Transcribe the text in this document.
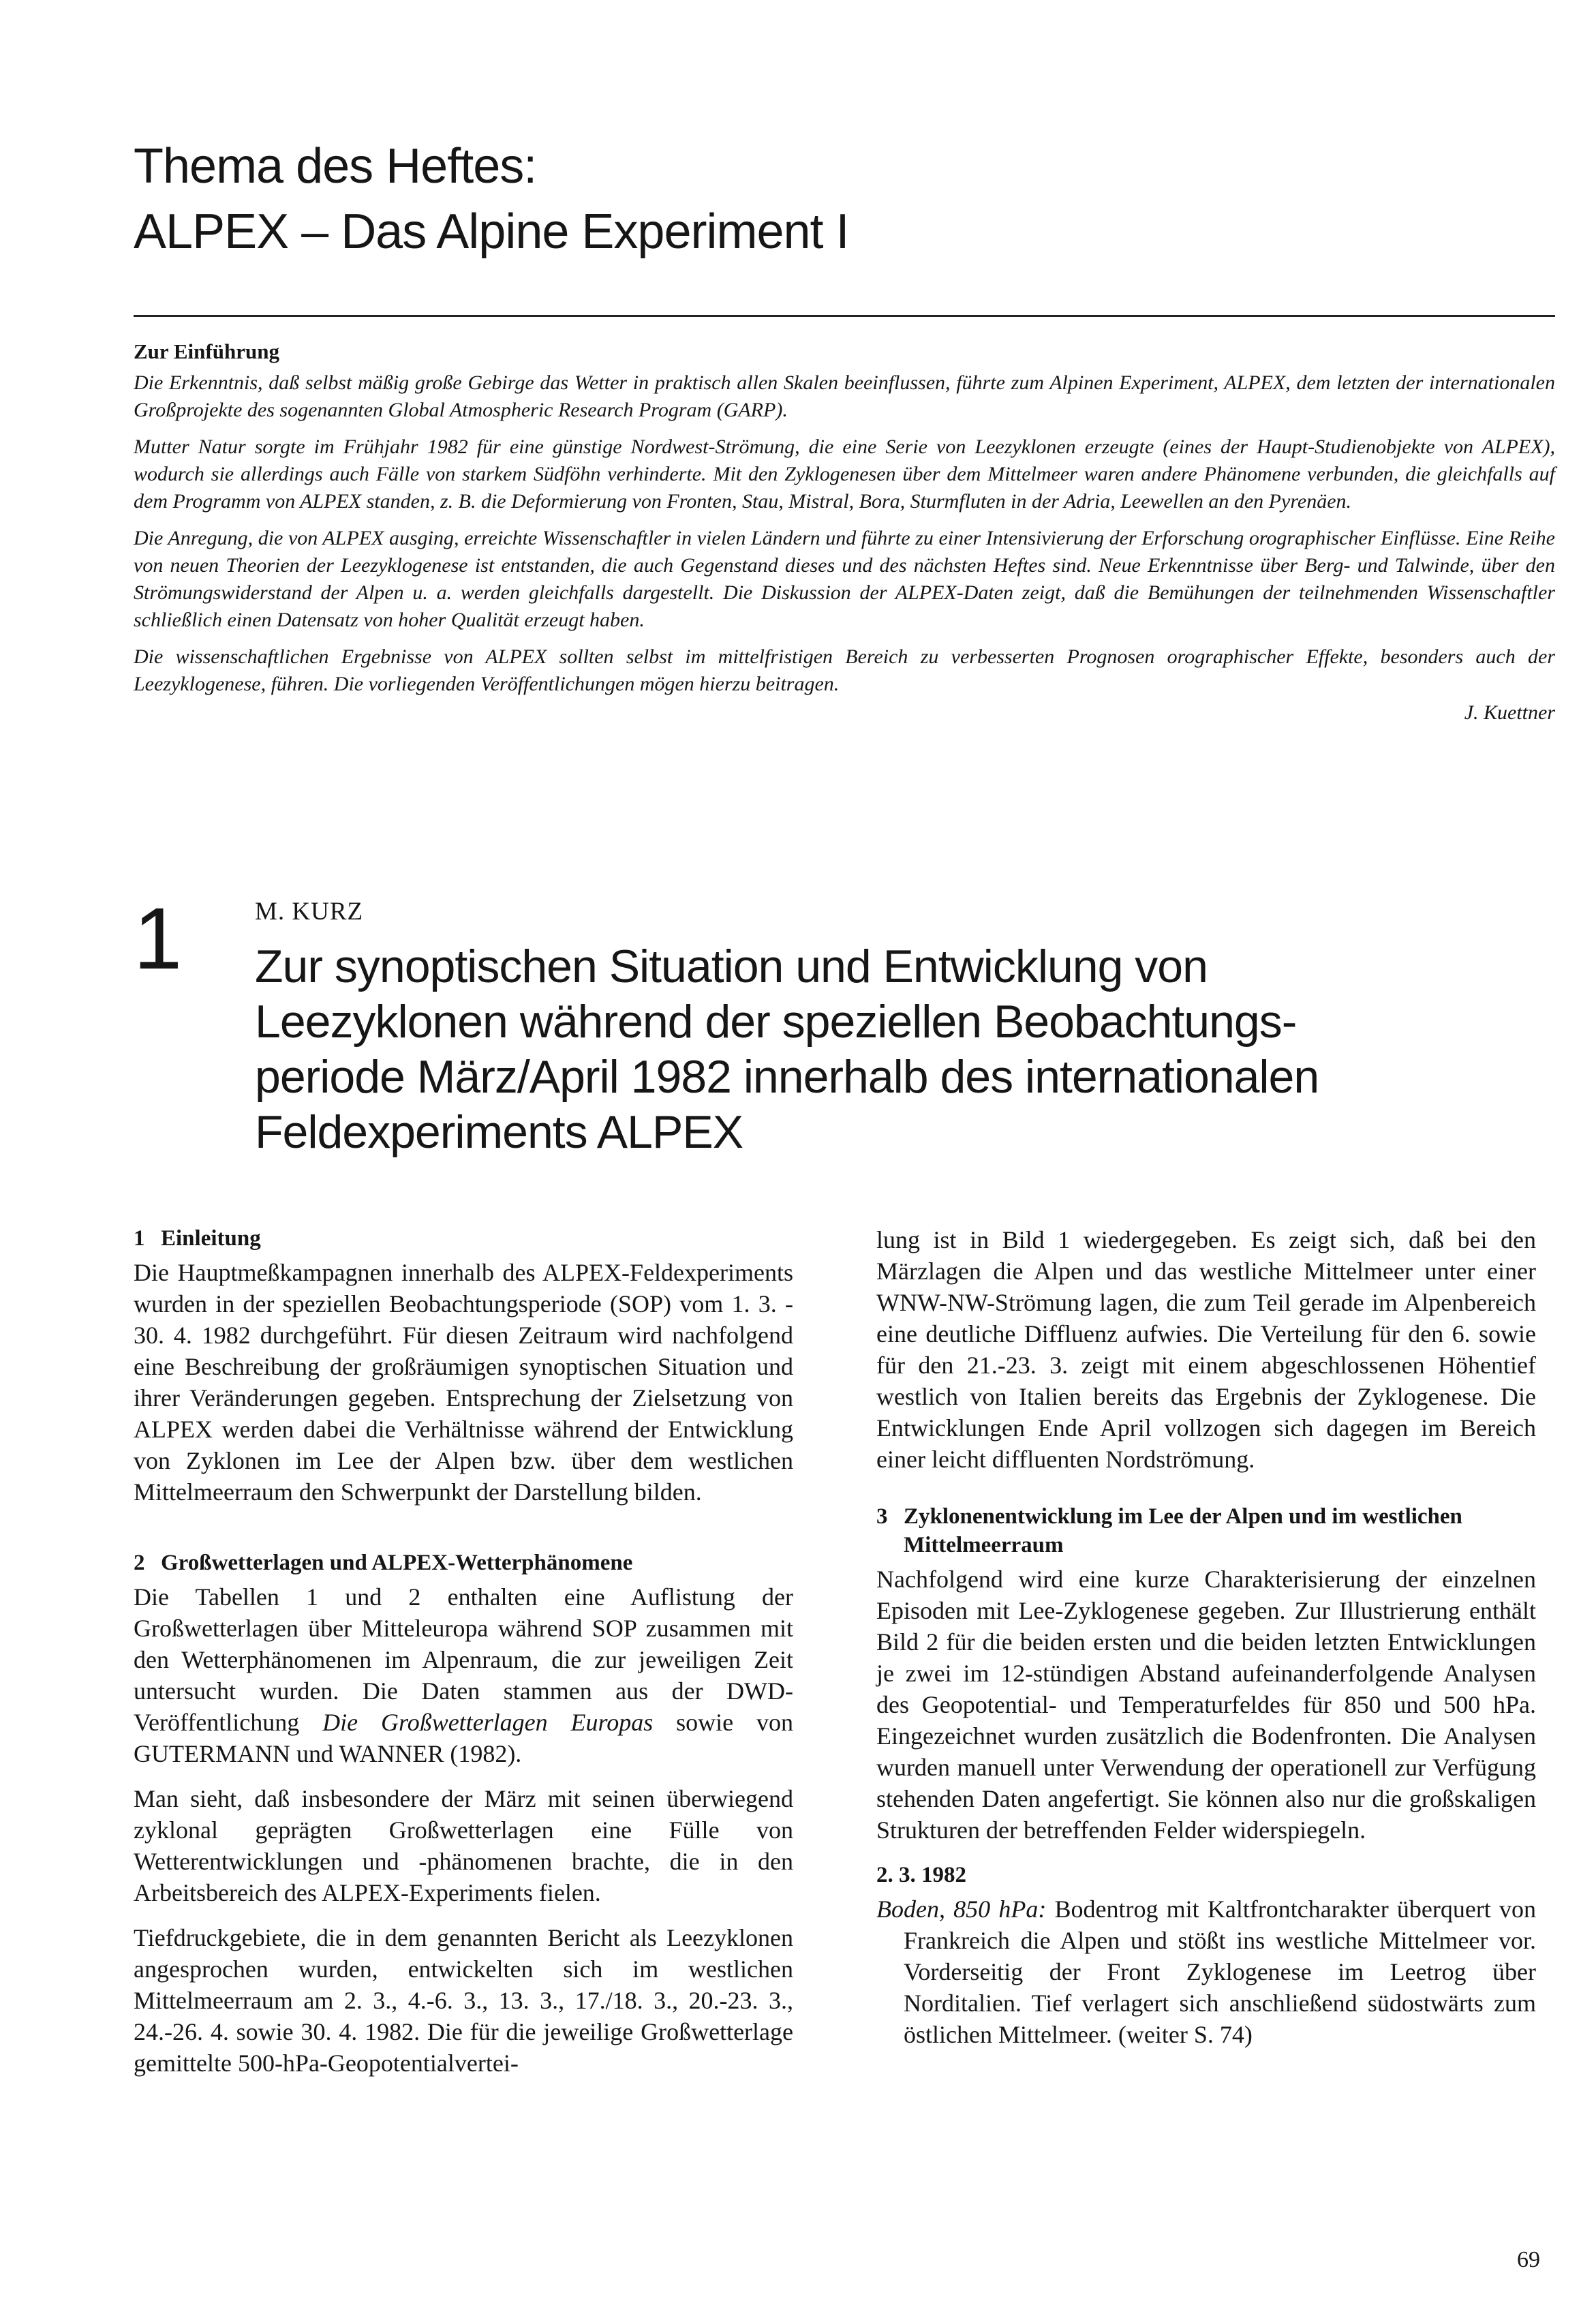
Thema des Heftes:
ALPEX – Das Alpine Experiment I
Zur Einführung

Die Erkenntnis, daß selbst mäßig große Gebirge das Wetter in praktisch allen Skalen beeinflussen, führte zum Alpinen Experiment, ALPEX, dem letzten der internationalen Großprojekte des sogenannten Global Atmospheric Research Program (GARP).

Mutter Natur sorgte im Frühjahr 1982 für eine günstige Nordwest-Strömung, die eine Serie von Leezyklonen erzeugte (eines der Haupt-Studienobjekte von ALPEX), wodurch sie allerdings auch Fälle von starkem Südföhn verhinderte. Mit den Zyklogenesen über dem Mittelmeer waren andere Phänomene verbunden, die gleichfalls auf dem Programm von ALPEX standen, z. B. die Deformierung von Fronten, Stau, Mistral, Bora, Sturmfluten in der Adria, Leewellen an den Pyrenäen.

Die Anregung, die von ALPEX ausging, erreichte Wissenschaftler in vielen Ländern und führte zu einer Intensivierung der Erforschung orographischer Einflüsse. Eine Reihe von neuen Theorien der Leezyklogenese ist entstanden, die auch Gegenstand dieses und des nächsten Heftes sind. Neue Erkenntnisse über Berg- und Talwinde, über den Strömungswiderstand der Alpen u. a. werden gleichfalls dargestellt. Die Diskussion der ALPEX-Daten zeigt, daß die Bemühungen der teilnehmenden Wissenschaftler schließlich einen Datensatz von hoher Qualität erzeugt haben.

Die wissenschaftlichen Ergebnisse von ALPEX sollten selbst im mittelfristigen Bereich zu verbesserten Prognosen orographischer Effekte, besonders auch der Leezyklogenese, führen. Die vorliegenden Veröffentlichungen mögen hierzu beitragen.

J. Kuettner
1	M. KURZ
Zur synoptischen Situation und Entwicklung von
Leezyklonen während der speziellen Beobachtungs-
periode März/April 1982 innerhalb des internationalen
Feldexperiments ALPEX
1 Einleitung

Die Hauptmeßkampagnen innerhalb des ALPEX-Feldexperiments wurden in der speziellen Beobachtungsperiode (SOP) vom 1. 3. - 30. 4. 1982 durchgeführt. Für diesen Zeitraum wird nachfolgend eine Beschreibung der großräumigen synoptischen Situation und ihrer Veränderungen gegeben. Entsprechung der Zielsetzung von ALPEX werden dabei die Verhältnisse während der Entwicklung von Zyklonen im Lee der Alpen bzw. über dem westlichen Mittelmeerraum den Schwerpunkt der Darstellung bilden.

2 Großwetterlagen und ALPEX-Wetterphänomene

Die Tabellen 1 und 2 enthalten eine Auflistung der Großwetterlagen über Mitteleuropa während SOP zusammen mit den Wetterphänomenen im Alpenraum, die zur jeweiligen Zeit untersucht wurden. Die Daten stammen aus der DWD-Veröffentlichung Die Großwetterlagen Europas sowie von GUTERMANN und WANNER (1982).

Man sieht, daß insbesondere der März mit seinen überwiegend zyklonal geprägten Großwetterlagen eine Fülle von Wetterentwicklungen und -phänomenen brachte, die in den Arbeitsbereich des ALPEX-Experiments fielen.

Tiefdruckgebiete, die in dem genannten Bericht als Leezyklonen angesprochen wurden, entwickelten sich im westlichen Mittelmeerraum am 2. 3., 4.-6. 3., 13. 3., 17./18. 3., 20.-23. 3., 24.-26. 4. sowie 30. 4. 1982. Die für die jeweilige Großwetterlage gemittelte 500-hPa-Geopotentialvertei-

lung ist in Bild 1 wiedergegeben. Es zeigt sich, daß bei den Märzlagen die Alpen und das westliche Mittelmeer unter einer WNW-NW-Strömung lagen, die zum Teil gerade im Alpenbereich eine deutliche Diffluenz aufwies. Die Verteilung für den 6. sowie für den 21.-23. 3. zeigt mit einem abgeschlossenen Höhentief westlich von Italien bereits das Ergebnis der Zyklogenese. Die Entwicklungen Ende April vollzogen sich dagegen im Bereich einer leicht diffluenten Nordströmung.

3 Zyklonenentwicklung im Lee der Alpen und im westlichen Mittelmeerraum

Nachfolgend wird eine kurze Charakterisierung der einzelnen Episoden mit Lee-Zyklogenese gegeben. Zur Illustrierung enthält Bild 2 für die beiden ersten und die beiden letzten Entwicklungen je zwei im 12-stündigen Abstand aufeinanderfolgende Analysen des Geopotential- und Temperaturfeldes für 850 und 500 hPa. Eingezeichnet wurden zusätzlich die Bodenfronten. Die Analysen wurden manuell unter Verwendung der operationell zur Verfügung stehenden Daten angefertigt. Sie können also nur die großskaligen Strukturen der betreffenden Felder widerspiegeln.

2. 3. 1982

Boden, 850 hPa: Bodentrog mit Kaltfrontcharakter überquert von Frankreich die Alpen und stößt ins westliche Mittelmeer vor. Vorderseitig der Front Zyklogenese im Leetrog über Norditalien. Tief verlagert sich anschließend südostwärts zum östlichen Mittelmeer. (weiter S. 74)

69
